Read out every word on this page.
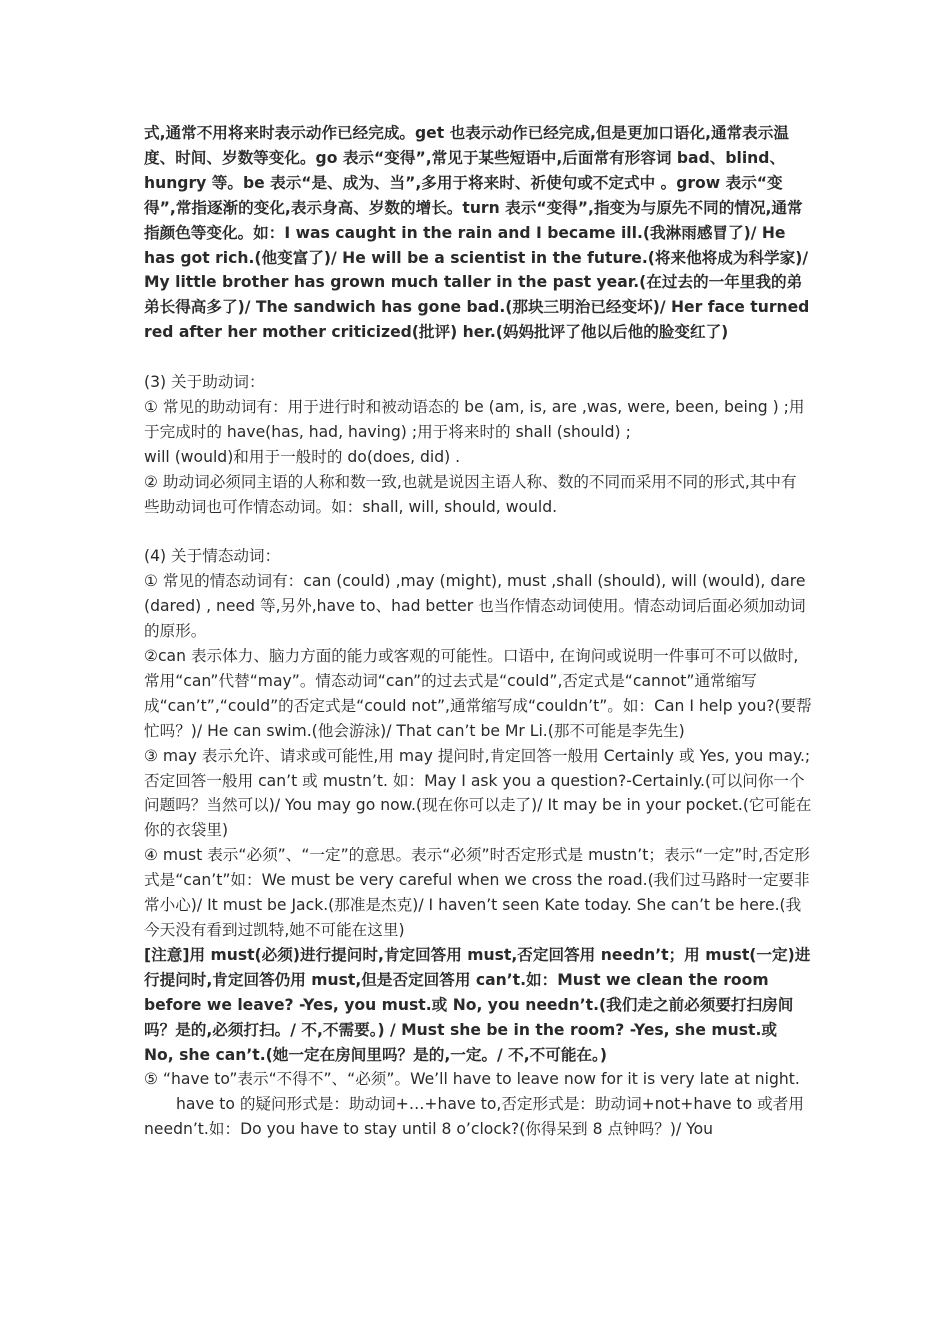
式,通常不用将来时表示动作已经完成。get 也表示动作已经完成,但是更加口语化,通常表示温度、时间、岁数等变化。go 表示“变得”,常见于某些短语中,后面常有形容词 bad、blind、hungry 等。be 表示“是、成为、当”,多用于将来时、祈使句或不定式中 。grow 表示“变得”,常指逐渐的变化,表示身高、岁数的增长。turn 表示“变得”,指变为与原先不同的情况,通常指颜色等变化。如：I was caught in the rain and I became ill.(我淋雨感冒了)/ He has got rich.(他变富了)/ He will be a scientist in the future.(将来他将成为科学家)/ My little brother has grown much taller in the past year.(在过去的一年里我的弟弟长得高多了)/ The sandwich has gone bad.(那块三明治已经变坏)/ Her face turned red after her mother criticized(批评) her.(妈妈批评了他以后他的脸变红了)

(3) 关于助动词：

① 常见的助动词有：用于进行时和被动语态的 be (am, is, are ,was, were, been, being ) ;用于完成时的 have(has, had, having) ;用于将来时的 shall (should) ;

will (would)和用于一般时的 do(does, did) .

② 助动词必须同主语的人称和数一致,也就是说因主语人称、数的不同而采用不同的形式,其中有些助动词也可作情态动词。如：shall, will, should, would.

(4) 关于情态动词：

① 常见的情态动词有：can (could) ,may (might), must ,shall (should), will (would), dare (dared) , need 等,另外,have to、had better 也当作情态动词使用。情态动词后面必须加动词的原形。

②can 表示体力、脑力方面的能力或客观的可能性。口语中, 在询问或说明一件事可不可以做时,常用“can”代替“may”。情态动词“can”的过去式是“could”,否定式是“cannot”通常缩写成“can’t”,“could”的否定式是“could not”,通常缩写成“couldn’t”。如：Can I help you?(要帮忙吗？)/ He can swim.(他会游泳)/ That can’t be Mr Li.(那不可能是李先生)

③ may 表示允许、请求或可能性,用 may 提问时,肯定回答一般用 Certainly 或 Yes, you may.;否定回答一般用 can’t 或 mustn’t. 如：May I ask you a question?-Certainly.(可以问你一个问题吗？当然可以)/ You may go now.(现在你可以走了)/ It may be in your pocket.(它可能在你的衣袋里)

④ must 表示“必须”、“一定”的意思。表示“必须”时否定形式是 mustn’t；表示“一定”时,否定形式是“can’t”如：We must be very careful when we cross the road.(我们过马路时一定要非常小心)/ It must be Jack.(那准是杰克)/ I haven’t seen Kate today. She can’t be here.(我今天没有看到过凯特,她不可能在这里)

[注意]用 must(必须)进行提问时,肯定回答用 must,否定回答用 needn’t；用 must(一定)进行提问时,肯定回答仍用 must,但是否定回答用 can’t.如：Must we clean the room before we leave? -Yes, you must.或 No, you needn’t.(我们走之前必须要打扫房间吗？是的,必须打扫。/ 不,不需要。) / Must she be in the room? -Yes, she must.或 No, she can’t.(她一定在房间里吗？是的,一定。/ 不,不可能在。)

⑤ “have to”表示“不得不”、“必须”。We’ll have to leave now for it is very late at night.

have to 的疑问形式是：助动词+…+have to,否定形式是：助动词+not+have to 或者用 needn’t.如：Do you have to stay until 8 o’clock?(你得呆到 8 点钟吗？)/ You
